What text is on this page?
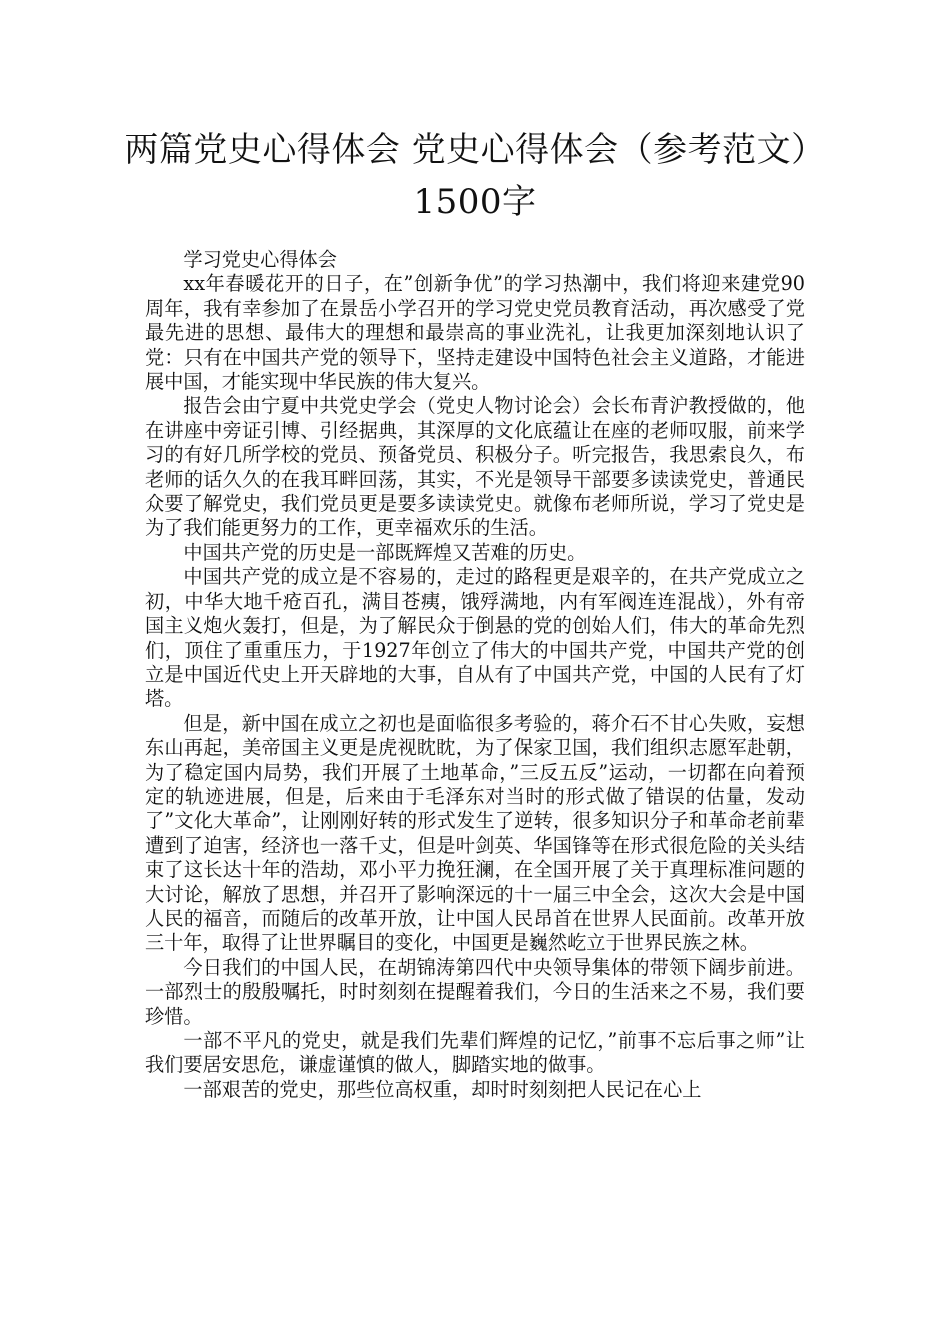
两篇党史心得体会 党史心得体会（参考范文）1500字

学习党史心得体会

xx年春暖花开的日子，在”创新争优”的学习热潮中，我们将迎来建党90周年，我有幸参加了在景岳小学召开的学习党史党员教育活动，再次感受了党最先进的思想、最伟大的理想和最崇高的事业洗礼，让我更加深刻地认识了党：只有在中国共产党的领导下，坚持走建设中国特色社会主义道路，才能进展中国，才能实现中华民族的伟大复兴。

报告会由宁夏中共党史学会（党史人物讨论会）会长布青沪教授做的，他在讲座中旁证引博、引经据典，其深厚的文化底蕴让在座的老师叹服，前来学习的有好几所学校的党员、预备党员、积极分子。听完报告，我思索良久，布老师的话久久的在我耳畔回荡，其实，不光是领导干部要多读读党史，普通民众要了解党史，我们党员更是要多读读党史。就像布老师所说，学习了党史是为了我们能更努力的工作，更幸福欢乐的生活。

中国共产党的历史是一部既辉煌又苦难的历史。

中国共产党的成立是不容易的，走过的路程更是艰辛的，在共产党成立之初，中华大地千疮百孔，满目苍痍，饿殍满地，内有军阀连连混战），外有帝国主义炮火轰打，但是，为了解民众于倒悬的党的创始人们，伟大的革命先烈们，顶住了重重压力，于1927年创立了伟大的中国共产党，中国共产党的创立是中国近代史上开天辟地的大事，自从有了中国共产党，中国的人民有了灯塔。

但是，新中国在成立之初也是面临很多考验的，蒋介石不甘心失败，妄想东山再起，美帝国主义更是虎视眈眈，为了保家卫国，我们组织志愿军赴朝，为了稳定国内局势，我们开展了土地革命，”三反五反”运动，一切都在向着预定的轨迹进展，但是，后来由于毛泽东对当时的形式做了错误的估量，发动了”文化大革命”，让刚刚好转的形式发生了逆转，很多知识分子和革命老前辈遭到了迫害，经济也一落千丈，但是叶剑英、华国锋等在形式很危险的关头结束了这长达十年的浩劫，邓小平力挽狂澜，在全国开展了关于真理标准问题的大讨论，解放了思想，并召开了影响深远的十一届三中全会，这次大会是中国人民的福音，而随后的改革开放，让中国人民昂首在世界人民面前。改革开放三十年，取得了让世界瞩目的变化，中国更是巍然屹立于世界民族之林。

今日我们的中国人民，在胡锦涛第四代中央领导集体的带领下阔步前进。一部烈士的殷殷嘱托，时时刻刻在提醒着我们，今日的生活来之不易，我们要珍惜。

一部不平凡的党史，就是我们先辈们辉煌的记忆，”前事不忘后事之师”让我们要居安思危，谦虚谨慎的做人，脚踏实地的做事。

一部艰苦的党史，那些位高权重，却时时刻刻把人民记在心上
